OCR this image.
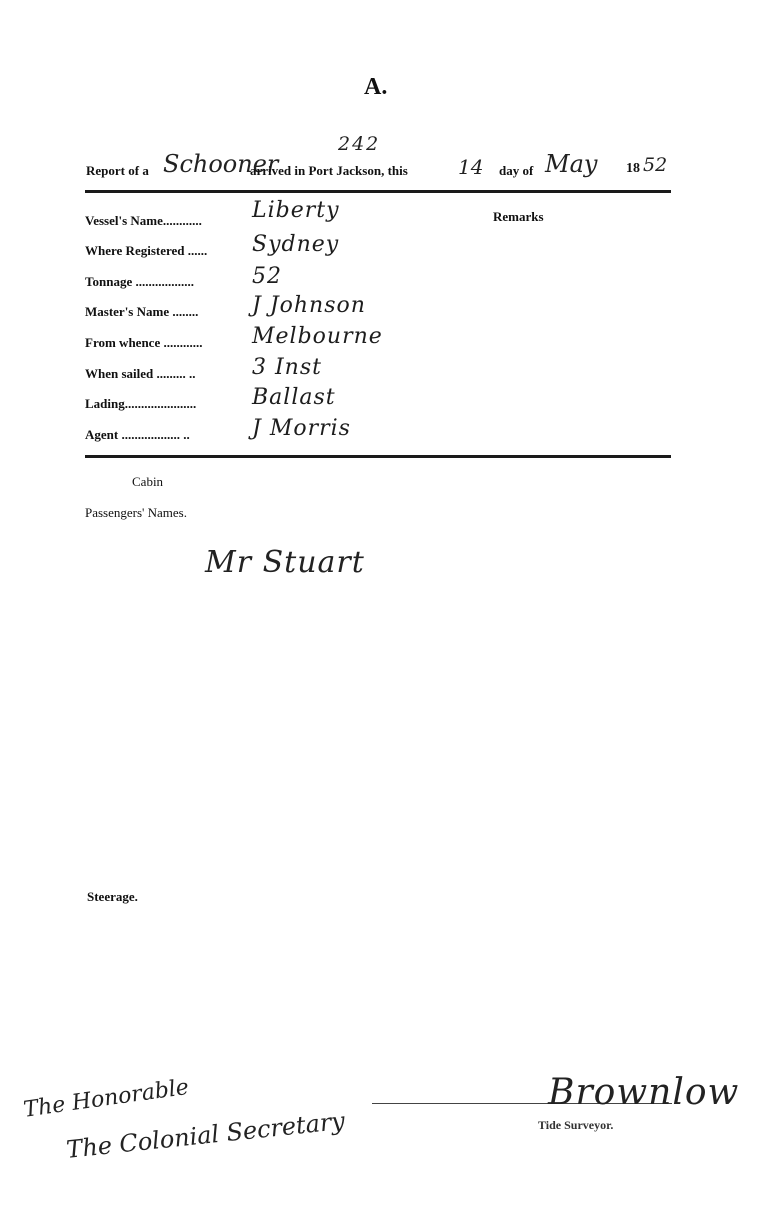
A.
242
Report of a Schooner
arrived in Port Jackson, this	14 day of May 18 52
Remarks
Vessel's Name............ Liberty
Where Registered ...... Sydney
Tonnage ..................	52
Master's Name ........ J Johnson
From whence ............ Melbourne
When sailed ......... ..	3 Inst
Lading......................	Ballast
Agent .................. ..	J Morris
Cabin
Passengers' Names.
Mr Stuart
Steerage.
The Honorable
The Colonial Secretary
Brownlow
Tide Surveyor.
